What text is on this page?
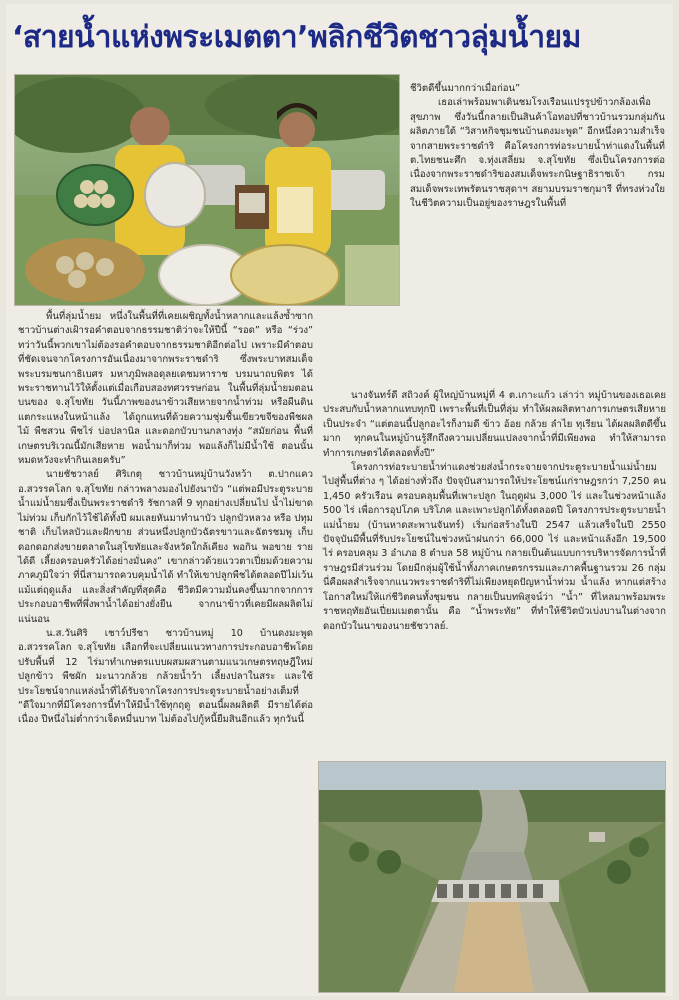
‘สายน้ำแห่งพระเมตตา’พลิกชีวิตชาวลุ่มน้ำยม

ชีวิตดีขึ้นมากกว่าเมื่อก่อน”

เธอเล่าพร้อมพาเดินชมโรงเรือนแปรรูปข้าวกล้องเพื่อสุขภาพ ซึ่งวันนี้กลายเป็นสินค้าโอทอปที่ชาวบ้านรวมกลุ่มกันผลิตภายใต้ “วิสาหกิจชุมชนบ้านดงมะพูด” อีกหนึ่งความสำเร็จจากสายพระราชดำริ คือโครงการท่อระบายน้ำท่าแดงในพื้นที่ ต.ไทยชนะศึก จ.ทุ่งเสลี่ยม จ.สุโขทัย ซึ่งเป็นโครงการต่อเนื่องจากพระราชดำริของสมเด็จพระกนิษฐาธิราชเจ้า กรมสมเด็จพระเทพรัตนราชสุดาฯ สยามบรมราชกุมารี ที่ทรงห่วงใยในชีวิตความเป็นอยู่ของราษฎรในพื้นที่

พื้นที่ลุ่มน้ำยม หนึ่งในพื้นที่ที่เคยเผชิญทั้งน้ำหลากและแล้งซ้ำซาก ชาวบ้านต่างเฝ้ารอคำตอบจากธรรมชาติว่าจะให้ปีนี้ “รอด” หรือ “ร่วง” ทว่าวันนี้พวกเขาไม่ต้องรอคำตอบจากธรรมชาติอีกต่อไป เพราะมีคำตอบที่ชัดเจนจากโครงการอันเนื่องมาจากพระราชดำริ ซึ่งพระบาทสมเด็จพระบรมชนกาธิเบศร มหาภูมิพลอดุลยเดชมหาราช บรมนาถบพิตร ได้พระราชทานไว้ให้ตั้งแต่เมื่อเกือบสองทศวรรษก่อน ในพื้นที่ลุ่มน้ำยมตอนบนของ จ.สุโขทัย วันนี้ภาพของนาข้าวเสียหายจากน้ำท่วม หรือผืนดินแตกระแหงในหน้าแล้ง ได้ถูกแทนที่ด้วยความชุ่มชื้นเขียวขจีของพืชผลไม้ พืชสวน พืชไร่ บ่อปลานิล และดอกบัวบานกลางทุ่ง “สมัยก่อน พื้นที่เกษตรบริเวณนี้มักเสียหาย พอน้ำมาก็ท่วม พอแล้งก็ไม่มีน้ำใช้ ตอนนั้นหมดหวังจะทำกินเลยครับ”

นายชัชวาลย์ ศิริเกตุ ชาวบ้านหมู่บ้านวังหว้า ต.ปากแคว อ.สวรรคโลก จ.สุโขทัย กล่าวพลางมองไปยังนาบัว “แต่พอมีประตูระบายน้ำแม่น้ำยมซึ่งเป็นพระราชดำริ รัชกาลที่ 9 ทุกอย่างเปลี่ยนไป น้ำไม่ขาด ไม่ท่วม เก็บกักไว้ใช้ได้ทั้งปี ผมเลยหันมาทำนาบัว ปลูกบัวหลวง หรือ ปทุมชาติ เก็บไหลบัวและฝักขาย ส่วนหนึ่งปลูกบัวฉัตรขาวและฉัตรชมพู เก็บดอกดอกส่งขายตลาดในสุโขทัยและจังหวัดใกล้เคียง พอกิน พอขาย รายได้ดี เลี้ยงครอบครัวได้อย่างมั่นคง” เขากล่าวด้วยแววตาเปี่ยมด้วยความภาคภูมิใจว่า ที่นี่สามารถควบคุมน้ำได้ ทำให้เขาปลูกพืชได้ตลอดปีไม่เว้นแม้แต่ฤดูแล้ง และสิ่งสำคัญที่สุดคือ ชีวิตมีความมั่นคงขึ้นมากจากการประกอบอาชีพที่พึ่งพาน้ำได้อย่างยั่งยืน จากนาข้าวที่เคยมีผลผลิตไม่แน่นอน

น.ส.วันศิริ เชาว์ปรีชา ชาวบ้านหมู่ 10 บ้านดงมะพูด อ.สวรรคโลก จ.สุโขทัย เลือกที่จะเปลี่ยนแนวทางการประกอบอาชีพโดยปรับพื้นที่ 12 ไร่มาทำเกษตรแบบผสมผสานตามแนวเกษตรทฤษฎีใหม่ ปลูกข้าว พืชผัก มะนาวกล้วย กล้วยน้ำว้า เลี้ยงปลาในสระ และใช้ประโยชน์จากแหล่งน้ำที่ได้รับจากโครงการประตูระบายน้ำอย่างเต็มที่ “ดีใจมากที่มีโครงการนี้ทำให้มีน้ำใช้ทุกฤดู ตอนนี้ผลผลิตดี มีรายได้ต่อเนื่อง ปีหนึ่งไม่ต่ำกว่าเจ็ดหมื่นบาท ไม่ต้องไปกู้หนี้ยืมสินอีกแล้ว ทุกวันนี้

นางจันทร์ดี สถิวงค์ ผู้ใหญ่บ้านหมู่ที่ 4 ต.เกาะแก้ว เล่าว่า หมู่บ้านของเธอเคยประสบกับน้ำหลากแทบทุกปี เพราะพื้นที่เป็นที่ลุ่ม ทำให้ผลผลิตทางการเกษตรเสียหายเป็นประจำ “แต่ตอนนี้ปลูกอะไรก็งามดี ข้าว อ้อย กล้วย ลำไย ทุเรียน ได้ผลผลิตดีขึ้นมาก ทุกคนในหมู่บ้านรู้สึกถึงความเปลี่ยนแปลงจากน้ำที่มีเพียงพอ ทำให้สามารถทำการเกษตรได้ตลอดทั้งปี”

โครงการท่อระบายน้ำท่าแดงช่วยส่งน้ำกระจายจากประตูระบายน้ำแม่น้ำยมไปสู่พื้นที่ต่าง ๆ ได้อย่างทั่วถึง ปัจจุบันสามารถให้ประโยชน์แก่ราษฎรกว่า 7,250 คน 1,450 ครัวเรือน ครอบคลุมพื้นที่เพาะปลูก ในฤดูฝน 3,000 ไร่ และในช่วงหน้าแล้ง 500 ไร่ เพื่อการอุปโภค บริโภค และเพาะปลูกได้ทั้งตลอดปี โครงการประตูระบายน้ำแม่น้ำยม (บ้านหาดสะพานจันทร์) เริ่มก่อสร้างในปี 2547 แล้วเสร็จในปี 2550 ปัจจุบันมีพื้นที่รับประโยชน์ในช่วงหน้าฝนกว่า 66,000 ไร่ และหน้าแล้งอีก 19,500 ไร่ ครอบคลุม 3 อำเภอ 8 ตำบล 58 หมู่บ้าน กลายเป็นต้นแบบการบริหารจัดการน้ำที่ราษฎรมีส่วนร่วม โดยมีกลุ่มผู้ใช้น้ำทั้งภาคเกษตรกรรมและภาคพื้นฐานรวม 26 กลุ่ม นี่คือผลสำเร็จจากแนวพระราชดำริที่ไม่เพียงหยุดปัญหาน้ำท่วม น้ำแล้ง หากแต่สร้างโอกาสใหม่ให้แก่ชีวิตคนทั้งชุมชน กลายเป็นบทพิสูจน์ว่า “น้ำ” ที่ไหลมาพร้อมพระราชหฤทัยอันเปี่ยมเมตตานั้น คือ “น้ำพระทัย” ที่ทำให้ชีวิตบัวเบ่งบานในต่างจากดอกบัวในนาของนายชัชวาลย์.
